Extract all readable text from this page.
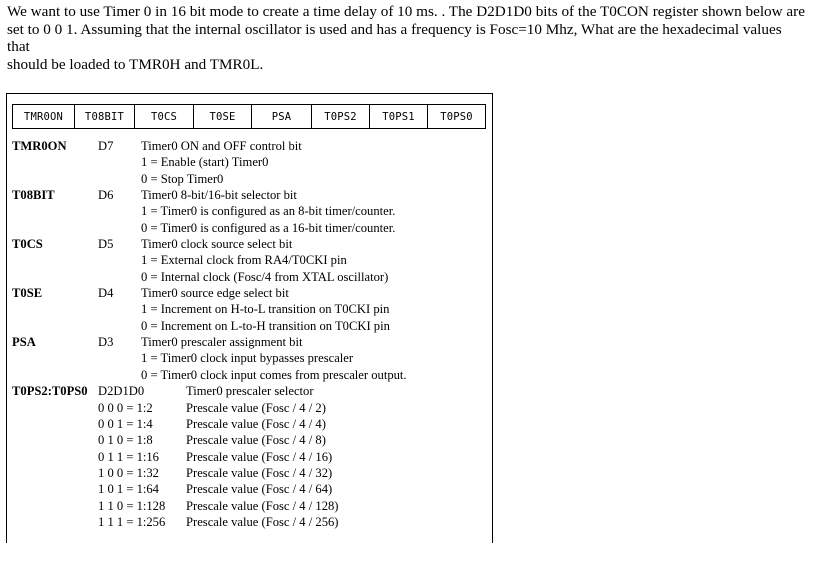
We want to use Timer 0 in 16 bit mode to create a time delay of 10 ms. . The D2D1D0 bits of the T0CON register shown below are
set to 0 0 1. Assuming that the internal oscillator is used and has a frequency is Fosc=10 Mhz, What are the hexadecimal values that
should be loaded to TMR0H and TMR0L.
TMR0ON	T08BIT	T0CS	T0SE	PSA	T0PS2	T0PS1	T0PS0
TMR0ON D7 Timer0 ON and OFF control bit
1 = Enable (start) Timer0
0 = Stop Timer0
T08BIT	D6 Timer0 8-bit/16-bit selector bit
1 = Timer0 is configured as an 8-bit timer/counter.
0 = Timer0 is configured as a 16-bit timer/counter.
T0CS	D5 Timer0 clock source select bit
1 = External clock from RA4/T0CKI pin
0 = Internal clock (Fosc/4 from XTAL oscillator)
T0SE	D4 Timer0 source edge select bit
1 = Increment on H-to-L transition on T0CKI pin
0 = Increment on L-to-H transition on T0CKI pin
PSA	D3 Timer0 prescaler assignment bit
1 = Timer0 clock input bypasses prescaler
0 = Timer0 clock input comes from prescaler output.
T0PS2:T0PS0 D2D1D0	Timer0 prescaler selector
0 0 0 = 1:2	Prescale value (Fosc / 4 / 2)
0 0 1 = 1:4	Prescale value (Fosc / 4 / 4)
0 1 0 = 1:8	Prescale value (Fosc / 4 / 8)
0 1 1 = 1:16 Prescale value (Fosc / 4 / 16)
1 0 0 = 1:32 Prescale value (Fosc / 4 / 32)
1 0 1 = 1:64 Prescale value (Fosc / 4 / 64)
1 1 0 = 1:128 Prescale value (Fosc / 4 / 128)
1 1 1 = 1:256 Prescale value (Fosc / 4 / 256)
